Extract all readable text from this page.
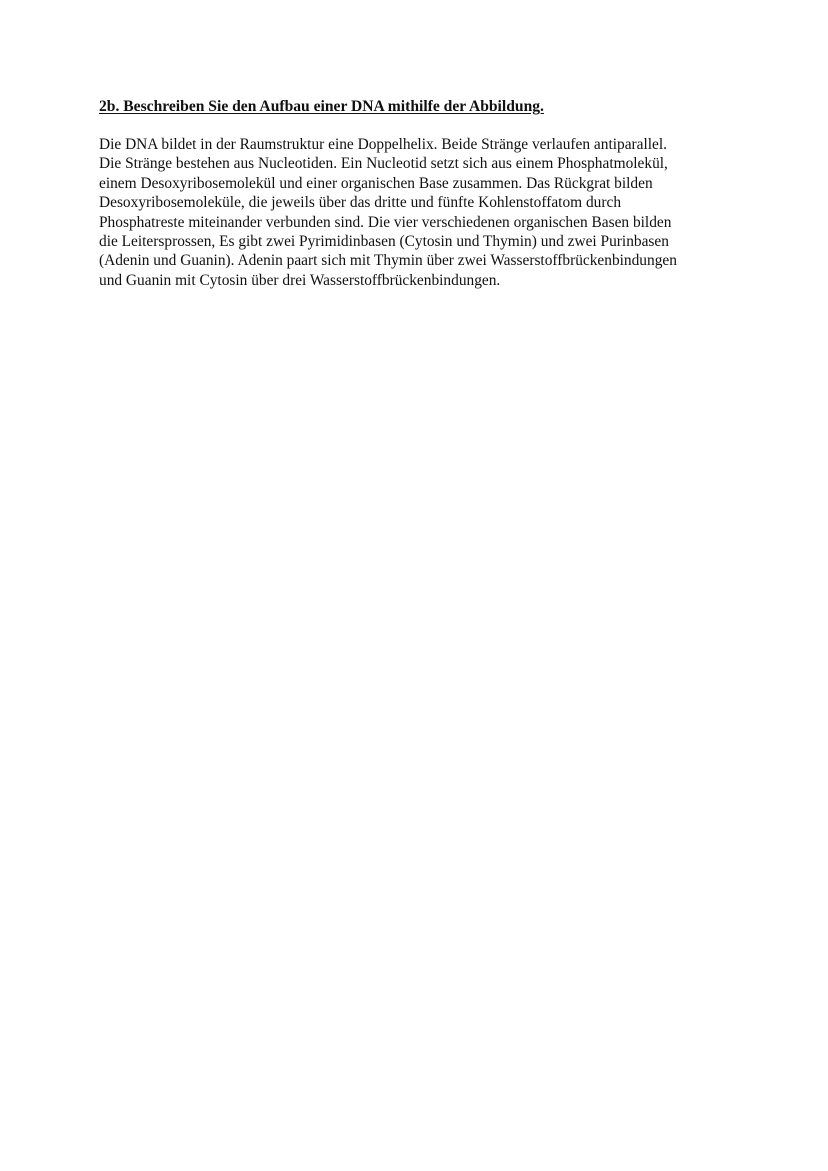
2b. Beschreiben Sie den Aufbau einer DNA mithilfe der Abbildung.
Die DNA bildet in der Raumstruktur eine Doppelhelix. Beide Stränge verlaufen antiparallel.
Die Stränge bestehen aus Nucleotiden. Ein Nucleotid setzt sich aus einem Phosphatmolekül,
einem Desoxyribosemolekül und einer organischen Base zusammen. Das Rückgrat bilden
Desoxyribosemoleküle, die jeweils über das dritte und fünfte Kohlenstoffatom durch
Phosphatreste miteinander verbunden sind. Die vier verschiedenen organischen Basen bilden
die Leitersprossen, Es gibt zwei Pyrimidinbasen (Cytosin und Thymin) und zwei Purinbasen
(Adenin und Guanin). Adenin paart sich mit Thymin über zwei Wasserstoffbrückenbindungen
und Guanin mit Cytosin über drei Wasserstoffbrückenbindungen.
